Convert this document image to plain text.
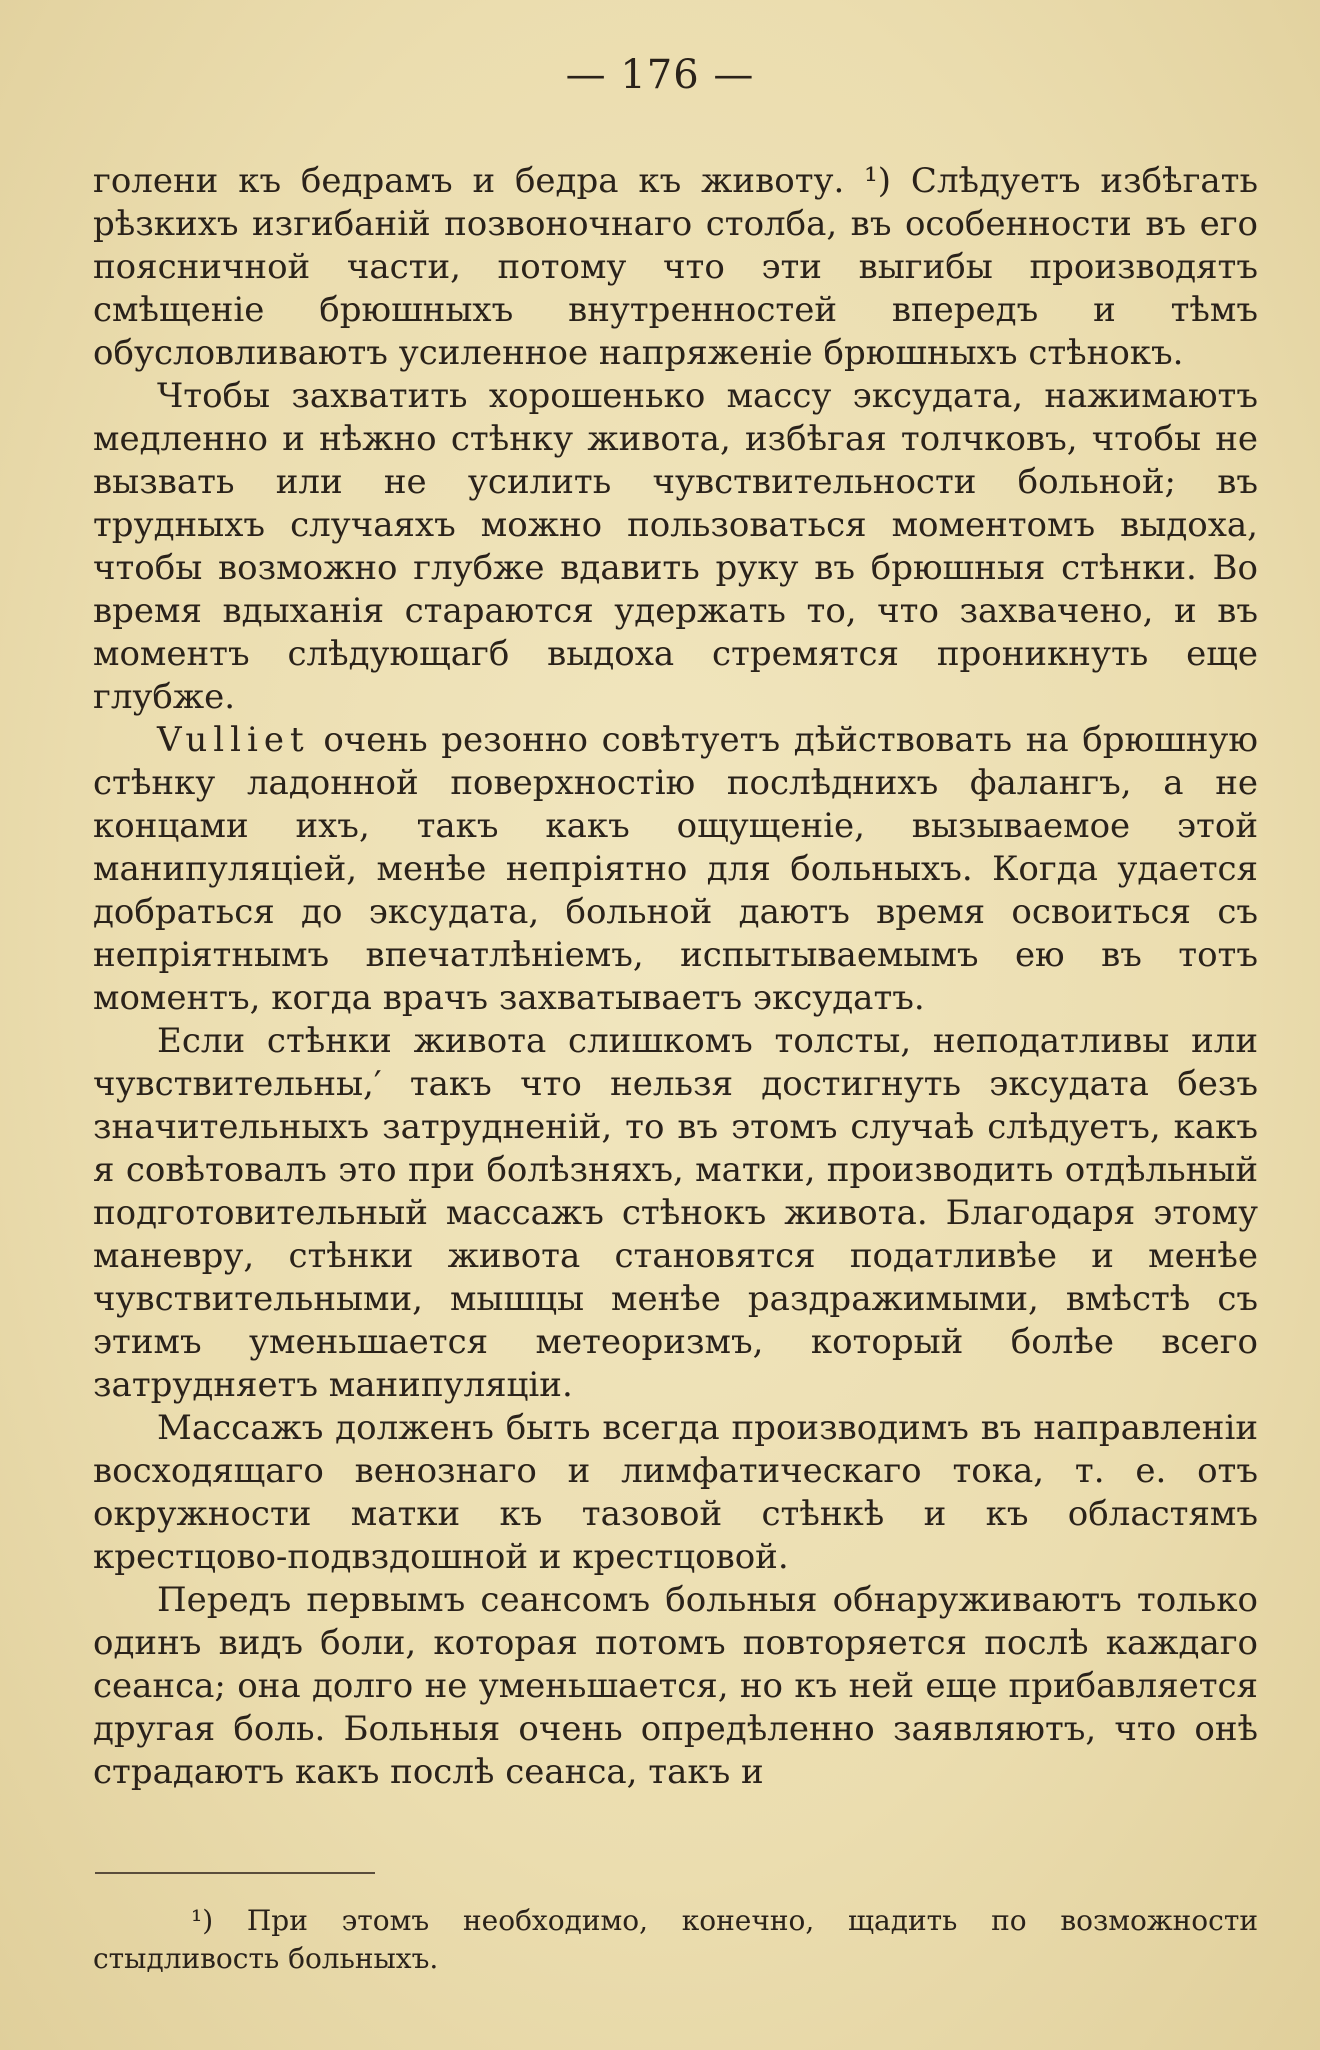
— 176 —

голени къ бедрамъ и бедра къ животу. ¹) Слѣдуетъ избѣгать рѣзкихъ изгибаній позвоночнаго столба, въ особенности въ его поясничной части, потому что эти выгибы производятъ смѣщеніе брюшныхъ внутренностей впередъ и тѣмъ обусловливаютъ усиленное напряженіе брюшныхъ стѣнокъ.

Чтобы захватить хорошенько массу эксудата, нажимаютъ медленно и нѣжно стѣнку живота, избѣгая толчковъ, чтобы не вызвать или не усилить чувствительности больной; въ трудныхъ случаяхъ можно пользоваться моментомъ выдоха, чтобы возможно глубже вдавить руку въ брюшныя стѣнки. Во время вдыханія стараются удержать то, что захвачено, и въ моментъ слѣдующагб выдоха стремятся проникнуть еще глубже.

Vulliet очень резонно совѣтуетъ дѣйствовать на брюшную стѣнку ладонной поверхностію послѣднихъ фалангъ, а не концами ихъ, такъ какъ ощущеніе, вызываемое этой манипуляціей, менѣе непріятно для больныхъ. Когда удается добраться до эксудата, больной даютъ время освоиться съ непріятнымъ впечатлѣніемъ, испытываемымъ ею въ тотъ моментъ, когда врачъ захватываетъ эксудатъ.

Если стѣнки живота слишкомъ толсты, неподатливы или чувствительны,′ такъ что нельзя достигнуть эксудата безъ значительныхъ затрудненій, то въ этомъ случаѣ слѣдуетъ, какъ я совѣтовалъ это при болѣзняхъ, матки, производить отдѣльный подготовительный массажъ стѣнокъ живота. Благодаря этому маневру, стѣнки живота становятся податливѣе и менѣе чувствительными, мышцы менѣе раздражимыми, вмѣстѣ съ этимъ уменьшается метеоризмъ, который болѣе всего затрудняетъ манипуляціи.

Массажъ долженъ быть всегда производимъ въ направленіи восходящаго венознаго и лимфатическаго тока, т. е. отъ окружности матки къ тазовой стѣнкѣ и къ областямъ крестцово-подвздошной и крестцовой.

Передъ первымъ сеансомъ больныя обнаруживаютъ только одинъ видъ боли, которая потомъ повторяется послѣ каждаго сеанса; она долго не уменьшается, но къ ней еще прибавляется другая боль. Больныя очень опредѣленно заявляютъ, что онѣ страдаютъ какъ послѣ сеанса, такъ и

¹) При этомъ необходимо, конечно, щадить по возможности стыдливость больныхъ.
